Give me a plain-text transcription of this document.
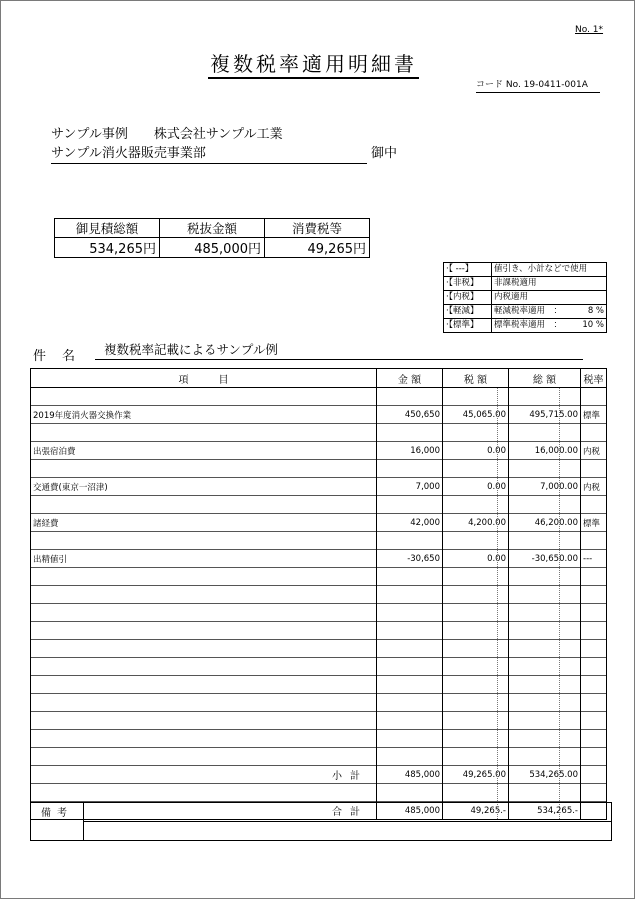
No. 1*
複数税率適用明細書
コード No. 19-0411-001A
サンプル事例　　株式会社サンプル工業
サンプル消火器販売事業部	御中
御見積総額	税抜金額	消費税等
534,265円	485,000円	49,265円
·【 ---】	値引き、小計などで使用

·【非税】	非課税適用

·【内税】	内税適用

·【軽減】	軽減税率適用　： 8 %

·【標準】	標準税率適用　： 10 %
件名	複数税率記載によるサンプル例
項　　　目	金 額	税 額	総 額	税率

2019年度消火器交換作業	450,650	45,065.00	495,715.00	標準

出張宿泊費	16,000	0.00	16,000.00	内税

交通費(東京一沼津)	7,000	0.00	7,000.00	内税

諸経費	42,000	4,200.00	46,200.00	標準

出精値引	-30,650	0.00	-30,650.00	---

小計	485,000	49,265.00	534,265.00	

合計	485,000	49,265.-	534,265.-	
備考	
